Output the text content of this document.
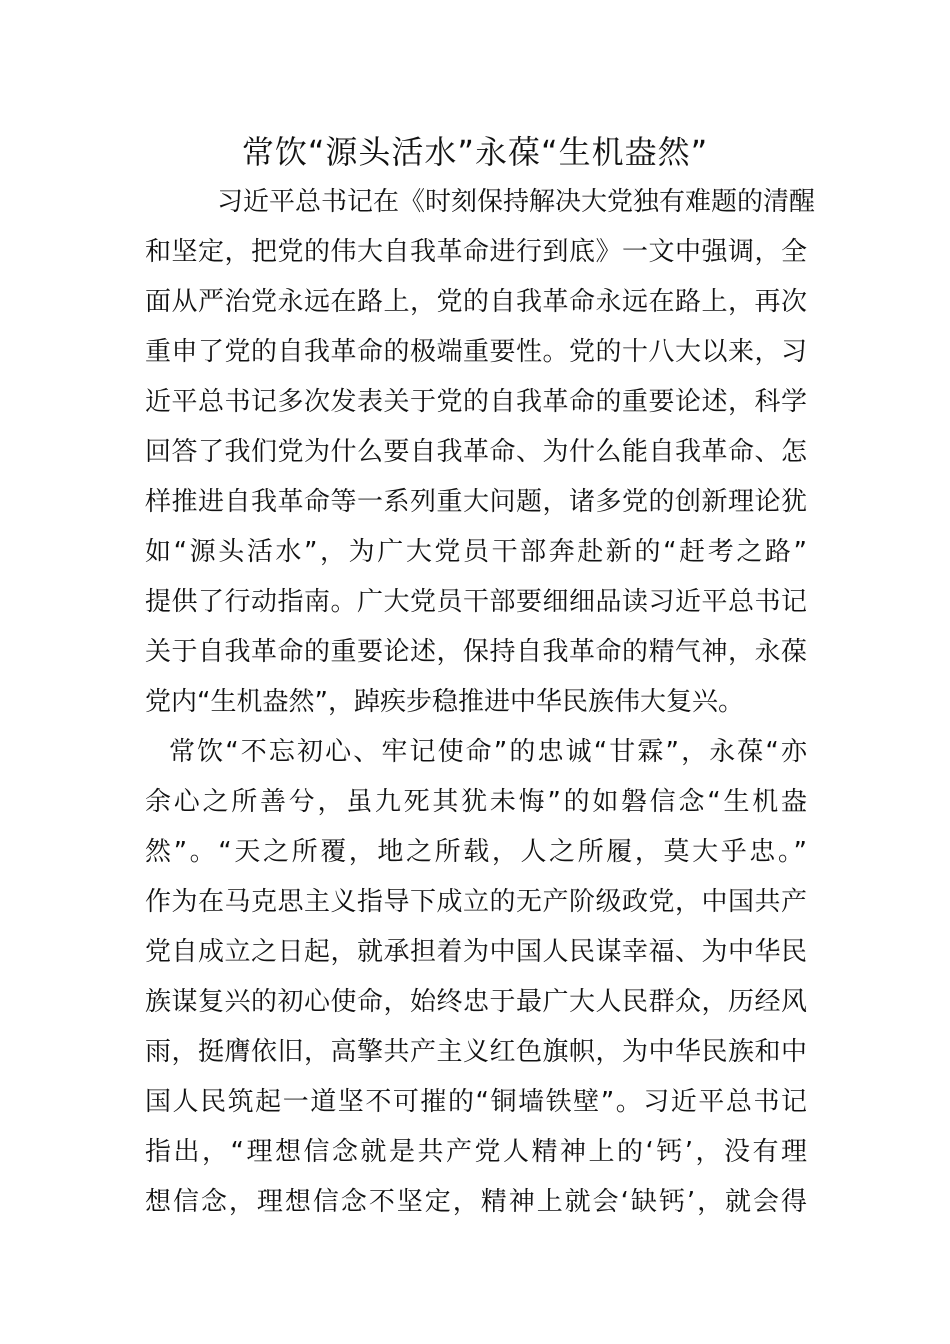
常饮“源头活水”永葆“生机盎然”
习近平总书记在《时刻保持解决大党独有难题的清醒
和坚定，把党的伟大自我革命进行到底》一文中强调，全
面从严治党永远在路上，党的自我革命永远在路上，再次
重申了党的自我革命的极端重要性。党的十八大以来，习
近平总书记多次发表关于党的自我革命的重要论述，科学
回答了我们党为什么要自我革命、为什么能自我革命、怎
样推进自我革命等一系列重大问题，诸多党的创新理论犹
如“源头活水”，为广大党员干部奔赴新的“赶考之路”
提供了行动指南。广大党员干部要细细品读习近平总书记
关于自我革命的重要论述，保持自我革命的精气神，永葆
党内“生机盎然”，踔疾步稳推进中华民族伟大复兴。
常饮“不忘初心、牢记使命”的忠诚“甘霖”，永葆“亦
余心之所善兮，虽九死其犹未悔”的如磐信念“生机盎
然”。“天之所覆，地之所载，人之所履，莫大乎忠。”
作为在马克思主义指导下成立的无产阶级政党，中国共产
党自成立之日起，就承担着为中国人民谋幸福、为中华民
族谋复兴的初心使命，始终忠于最广大人民群众，历经风
雨，挺膺依旧，高擎共产主义红色旗帜，为中华民族和中
国人民筑起一道坚不可摧的“铜墙铁壁”。习近平总书记
指出，“理想信念就是共产党人精神上的‘钙’，没有理
想信念，理想信念不坚定，精神上就会‘缺钙’，就会得
